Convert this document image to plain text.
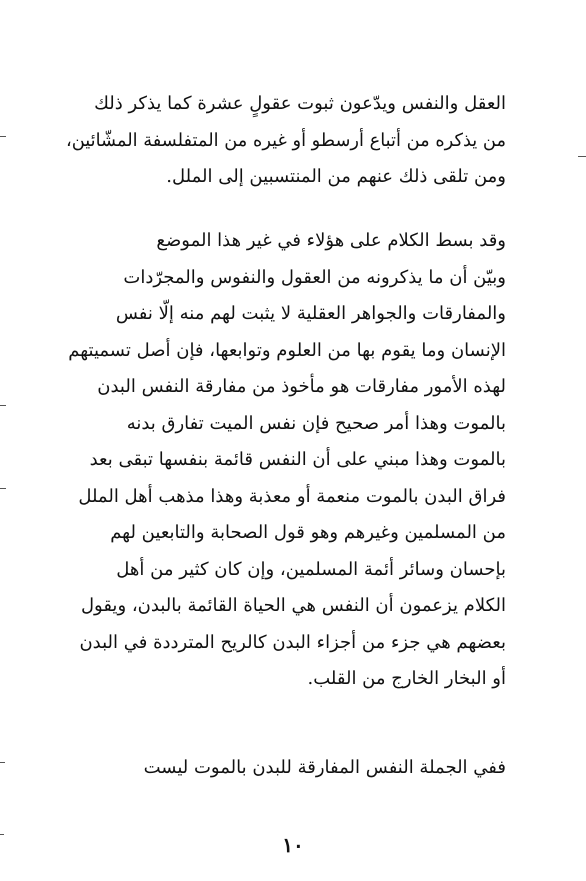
العقل والنفس ويدّعون ثبوت عقولٍ عشرة كما يذكر ذلك
من يذكره من أتباع أرسطو أو غيره من المتفلسفة المشّائين،
ومن تلقى ذلك عنهم من المنتسبين إلى الملل.
وقد بسط الكلام على هؤلاء في غير هذا الموضع
وبيّن أن ما يذكرونه من العقول والنفوس والمجرّدات
والمفارقات والجواهر العقلية لا يثبت لهم منه إلّا نفس
الإنسان وما يقوم بها من العلوم وتوابعها، فإن أصل تسميتهم
لهذه الأمور مفارقات هو مأخوذ من مفارقة النفس البدن
بالموت وهذا أمر صحيح فإن نفس الميت تفارق بدنه
بالموت وهذا مبني على أن النفس قائمة بنفسها تبقى بعد
فراق البدن بالموت منعمة أو معذبة وهذا مذهب أهل الملل
من المسلمين وغيرهم وهو قول الصحابة والتابعين لهم
بإحسان وسائر أئمة المسلمين، وإن كان كثير من أهل
الكلام يزعمون أن النفس هي الحياة القائمة بالبدن، ويقول
بعضهم هي جزء من أجزاء البدن كالريح المترددة في البدن
أو البخار الخارج من القلب.
ففي الجملة النفس المفارقة للبدن بالموت ليست
١٠
